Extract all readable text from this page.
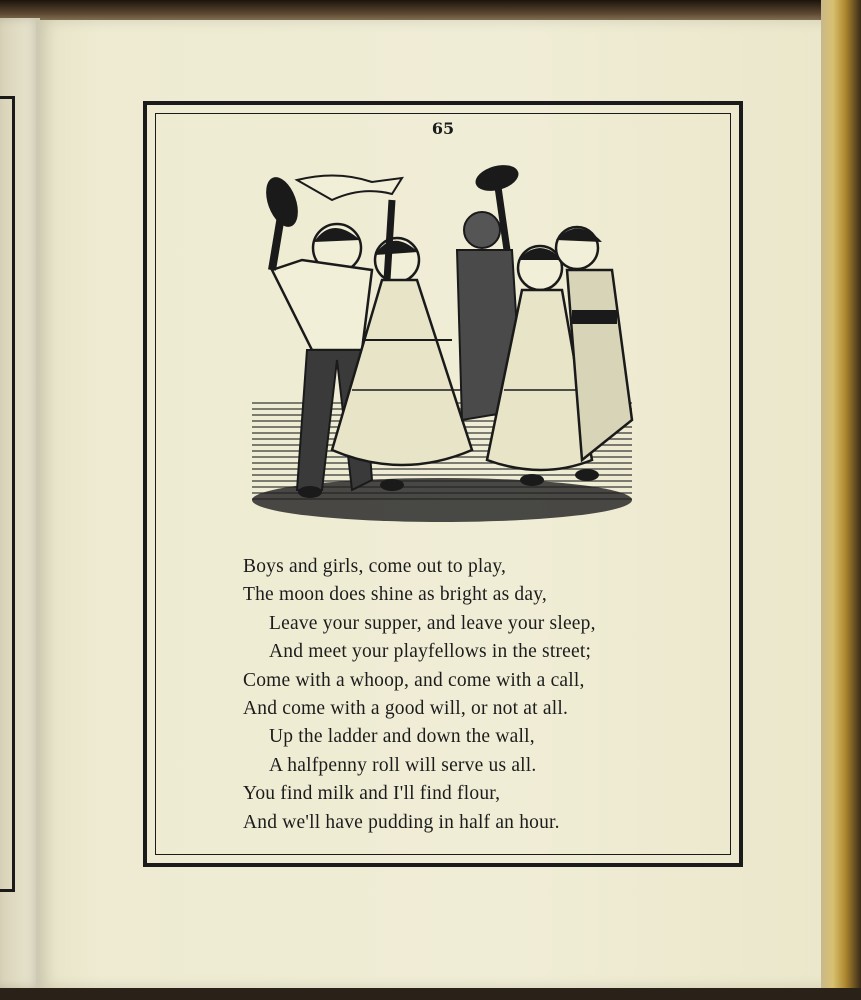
65
Boys and girls, come out to play,
The moon does shine as bright as day,
Leave your supper, and leave your sleep,
And meet your playfellows in the street;
Come with a whoop, and come with a call,
And come with a good will, or not at all.
Up the ladder and down the wall,
A halfpenny roll will serve us all.
You find milk and I'll find flour,
And we'll have pudding in half an hour.
